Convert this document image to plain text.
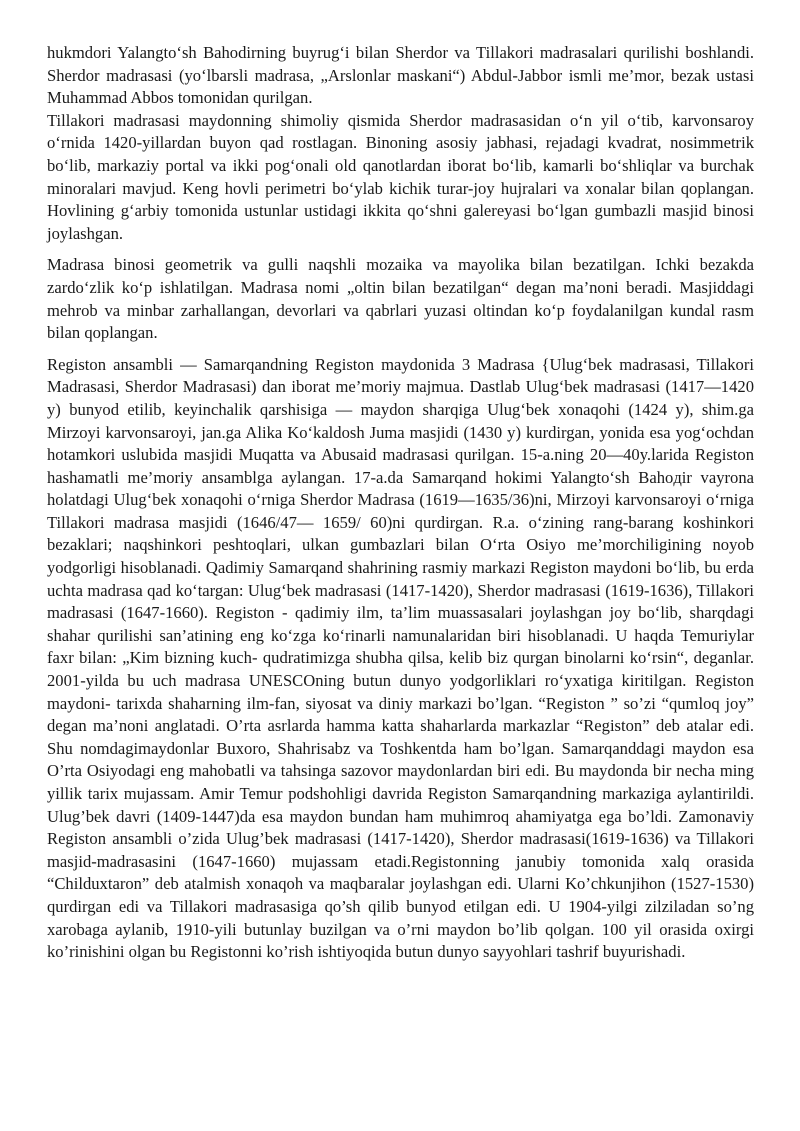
hukmdori Yalangto‘sh Bahodirning buyrug‘i bilan Sherdor va Tillakori madrasalari qurilishi boshlandi. Sherdor madrasasi (yo‘lbarsli madrasa, „Arslonlar maskani“) Abdul-Jabbor ismli me’mor, bezak ustasi Muhammad Abbos tomonidan qurilgan.

Tillakori madrasasi maydonning shimoliy qismida Sherdor madrasasidan o‘n yil o‘tib, karvonsaroy o‘rnida 1420-yillardan buyon qad rostlagan. Binoning asosiy jabhasi, rejadagi kvadrat, nosimmetrik bo‘lib, markaziy portal va ikki pog‘onali old qanotlardan iborat bo‘lib, kamarli bo‘shliqlar va burchak minoralari mavjud. Keng hovli perimetri bo‘ylab kichik turar-joy hujralari va xonalar bilan qoplangan. Hovlining g‘arbiy tomonida ustunlar ustidagi ikkita qo‘shni galereyasi bo‘lgan gumbazli masjid binosi joylashgan.

Madrasa binosi geometrik va gulli naqshli mozaika va mayolika bilan bezatilgan. Ichki bezakda zardo‘zlik ko‘p ishlatilgan. Madrasa nomi „oltin bilan bezatilgan“ degan ma’noni beradi. Masjiddagi mehrob va minbar zarhallangan, devorlari va qabrlari yuzasi oltindan ko‘p foydalanilgan kundal rasm bilan qoplangan.

Registon ansambli — Samarqandning Registon maydonida 3 Madrasa {Ulug‘bek madrasasi, Tillakori Madrasasi, Sherdor Madrasasi) dan iborat me’moriy majmua. Dastlab Ulug‘bek madrasasi (1417—1420 y) bunyod etilib, keyinchalik qarshisiga — maydon sharqiga Ulug‘bek xonaqohi (1424 y), shim.ga Mirzoyi karvonsaroyi, jan.ga Alika Ko‘kaldosh Juma masjidi (1430 y) kurdirgan, yonida esa yog‘ochdan hotamkori uslubida masjidi Muqatta va Abusaid madrasasi qurilgan. 15-a.ning 20—40y.larida Registon hashamatli me’moriy ansamblga aylangan. 17-a.da Samarqand hokimi Yalangto‘sh Bahoдir vayrona holatdagi Ulug‘bek xonaqohi o‘rniga Sherdor Madrasa (1619—1635/36)ni, Mirzoyi karvonsaroyi o‘rniga Tillakori madrasa masjidi (1646/47— 1659/ 60)ni qurdirgan. R.a. o‘zining rang-barang koshinkori bezaklari; naqshinkori peshtoqlari, ulkan gumbazlari bilan O‘rta Osiyo me’morchiligining noyob yodgorligi hisoblanadi. Qadimiy Samarqand shahrining rasmiy markazi Registon maydoni bo‘lib, bu erda uchta madrasa qad ko‘targan: Ulug‘bek madrasasi (1417-1420), Sherdor madrasasi (1619-1636), Tillakori madrasasi (1647-1660). Registon - qadimiy ilm, ta’lim muassasalari joylashgan joy bo‘lib, sharqdagi shahar qurilishi san’atining eng ko‘zga ko‘rinarli namunalaridan biri hisoblanadi. U haqda Temuriylar faxr bilan: „Kim bizning kuch- qudratimizga shubha qilsa, kelib biz qurgan binolarni ko‘rsin“, deganlar. 2001-yilda bu uch madrasa UNESCOning butun dunyo yodgorliklari ro‘yxatiga kiritilgan. Registon maydoni- tarixda shaharning ilm-fan, siyosat va diniy markazi bo’lgan. “Registon ” so’zi “qumloq joy” degan ma’noni anglatadi. O’rta asrlarda hamma katta shaharlarda markazlar “Registon” deb atalar edi. Shu nomdagimaydonlar Buxoro, Shahrisabz va Toshkentda ham bo’lgan. Samarqanddagi maydon esa O’rta Osiyodagi eng mahobatli va tahsinga sazovor maydonlardan biri edi. Bu maydonda bir necha ming yillik tarix mujassam. Amir Temur podshohligi davrida Registon Samarqandning markaziga aylantirildi. Ulug’bek davri (1409-1447)da esa maydon bundan ham muhimroq ahamiyatga ega bo’ldi. Zamonaviy Registon ansambli o’zida Ulug’bek madrasasi (1417-1420), Sherdor madrasasi(1619-1636) va Tillakori masjid-madrasasini (1647-1660) mujassam etadi.Registonning janubiy tomonida xalq orasida “Childuxtaron” deb atalmish xonaqoh va maqbaralar joylashgan edi. Ularni Ko’chkunjihon (1527-1530) qurdirgan edi va Tillakori madrasasiga qo’sh qilib bunyod etilgan edi. U 1904-yilgi zilziladan so’ng xarobaga aylanib, 1910-yili butunlay buzilgan va o’rni maydon bo’lib qolgan. 100 yil orasida oxirgi ko’rinishini olgan bu Registonni ko’rish ishtiyoqida butun dunyo sayyohlari tashrif buyurishadi.
